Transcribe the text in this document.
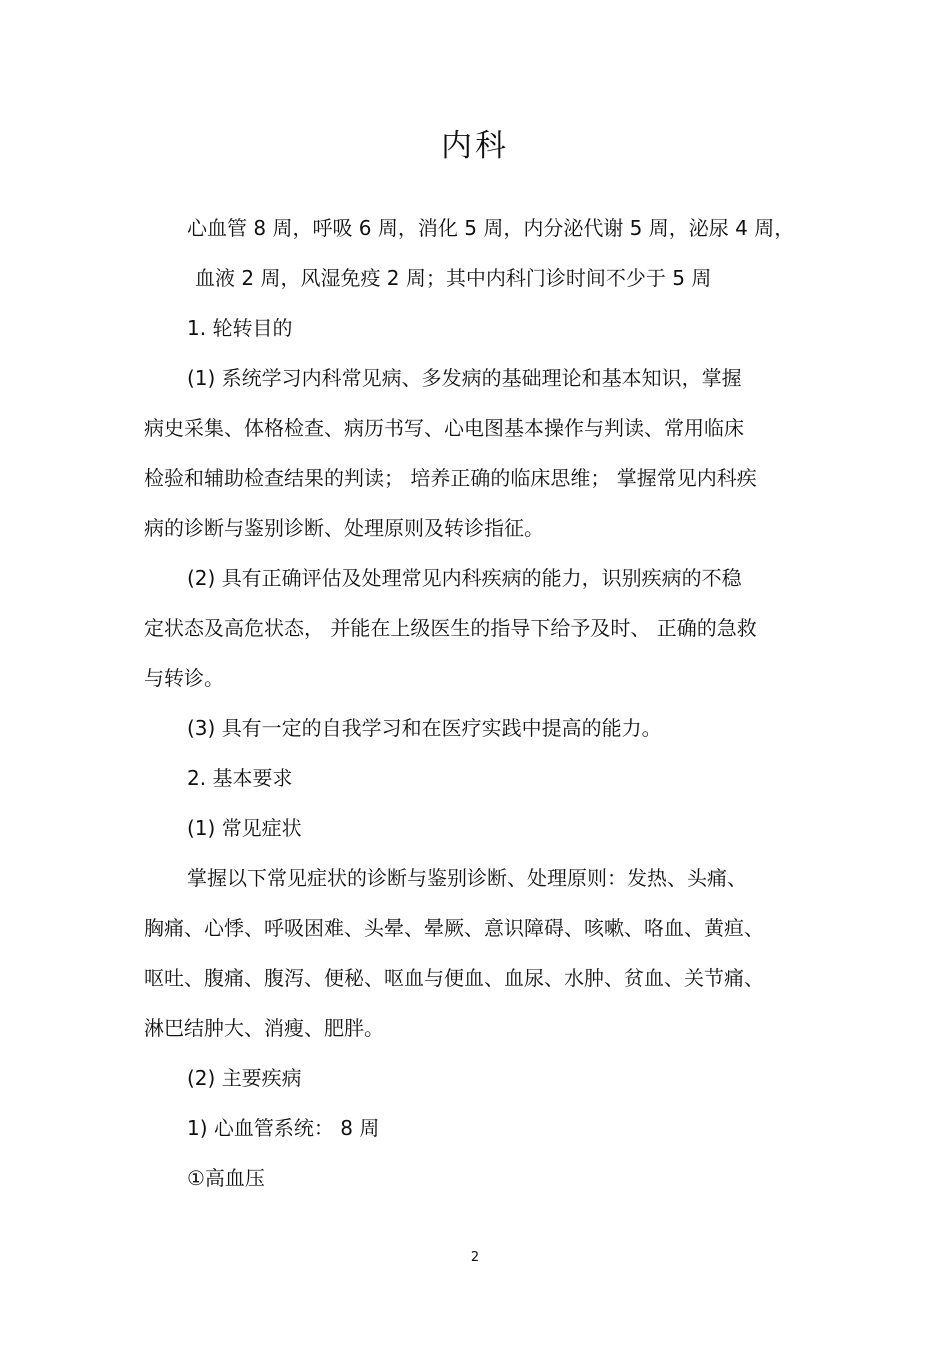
内科
心血管 8 周，呼吸 6 周，消化 5 周，内分泌代谢 5 周，泌尿 4 周，
血液 2 周，风湿免疫 2 周；其中内科门诊时间不少于 5 周
1. 轮转目的
(1) 系统学习内科常见病、多发病的基础理论和基本知识，掌握
病史采集、体格检查、病历书写、心电图基本操作与判读、常用临床
检验和辅助检查结果的判读； 培养正确的临床思维； 掌握常见内科疾
病的诊断与鉴别诊断、处理原则及转诊指征。
(2) 具有正确评估及处理常见内科疾病的能力，识别疾病的不稳
定状态及高危状态， 并能在上级医生的指导下给予及时、 正确的急救
与转诊。
(3) 具有一定的自我学习和在医疗实践中提高的能力。
2. 基本要求
(1) 常见症状
掌握以下常见症状的诊断与鉴别诊断、处理原则：发热、头痛、
胸痛、心悸、呼吸困难、头晕、晕厥、意识障碍、咳嗽、咯血、黄疸、
呕吐、腹痛、腹泻、便秘、呕血与便血、血尿、水肿、贫血、关节痛、
淋巴结肿大、消瘦、肥胖。
(2) 主要疾病
1) 心血管系统： 8 周
①高血压
2
